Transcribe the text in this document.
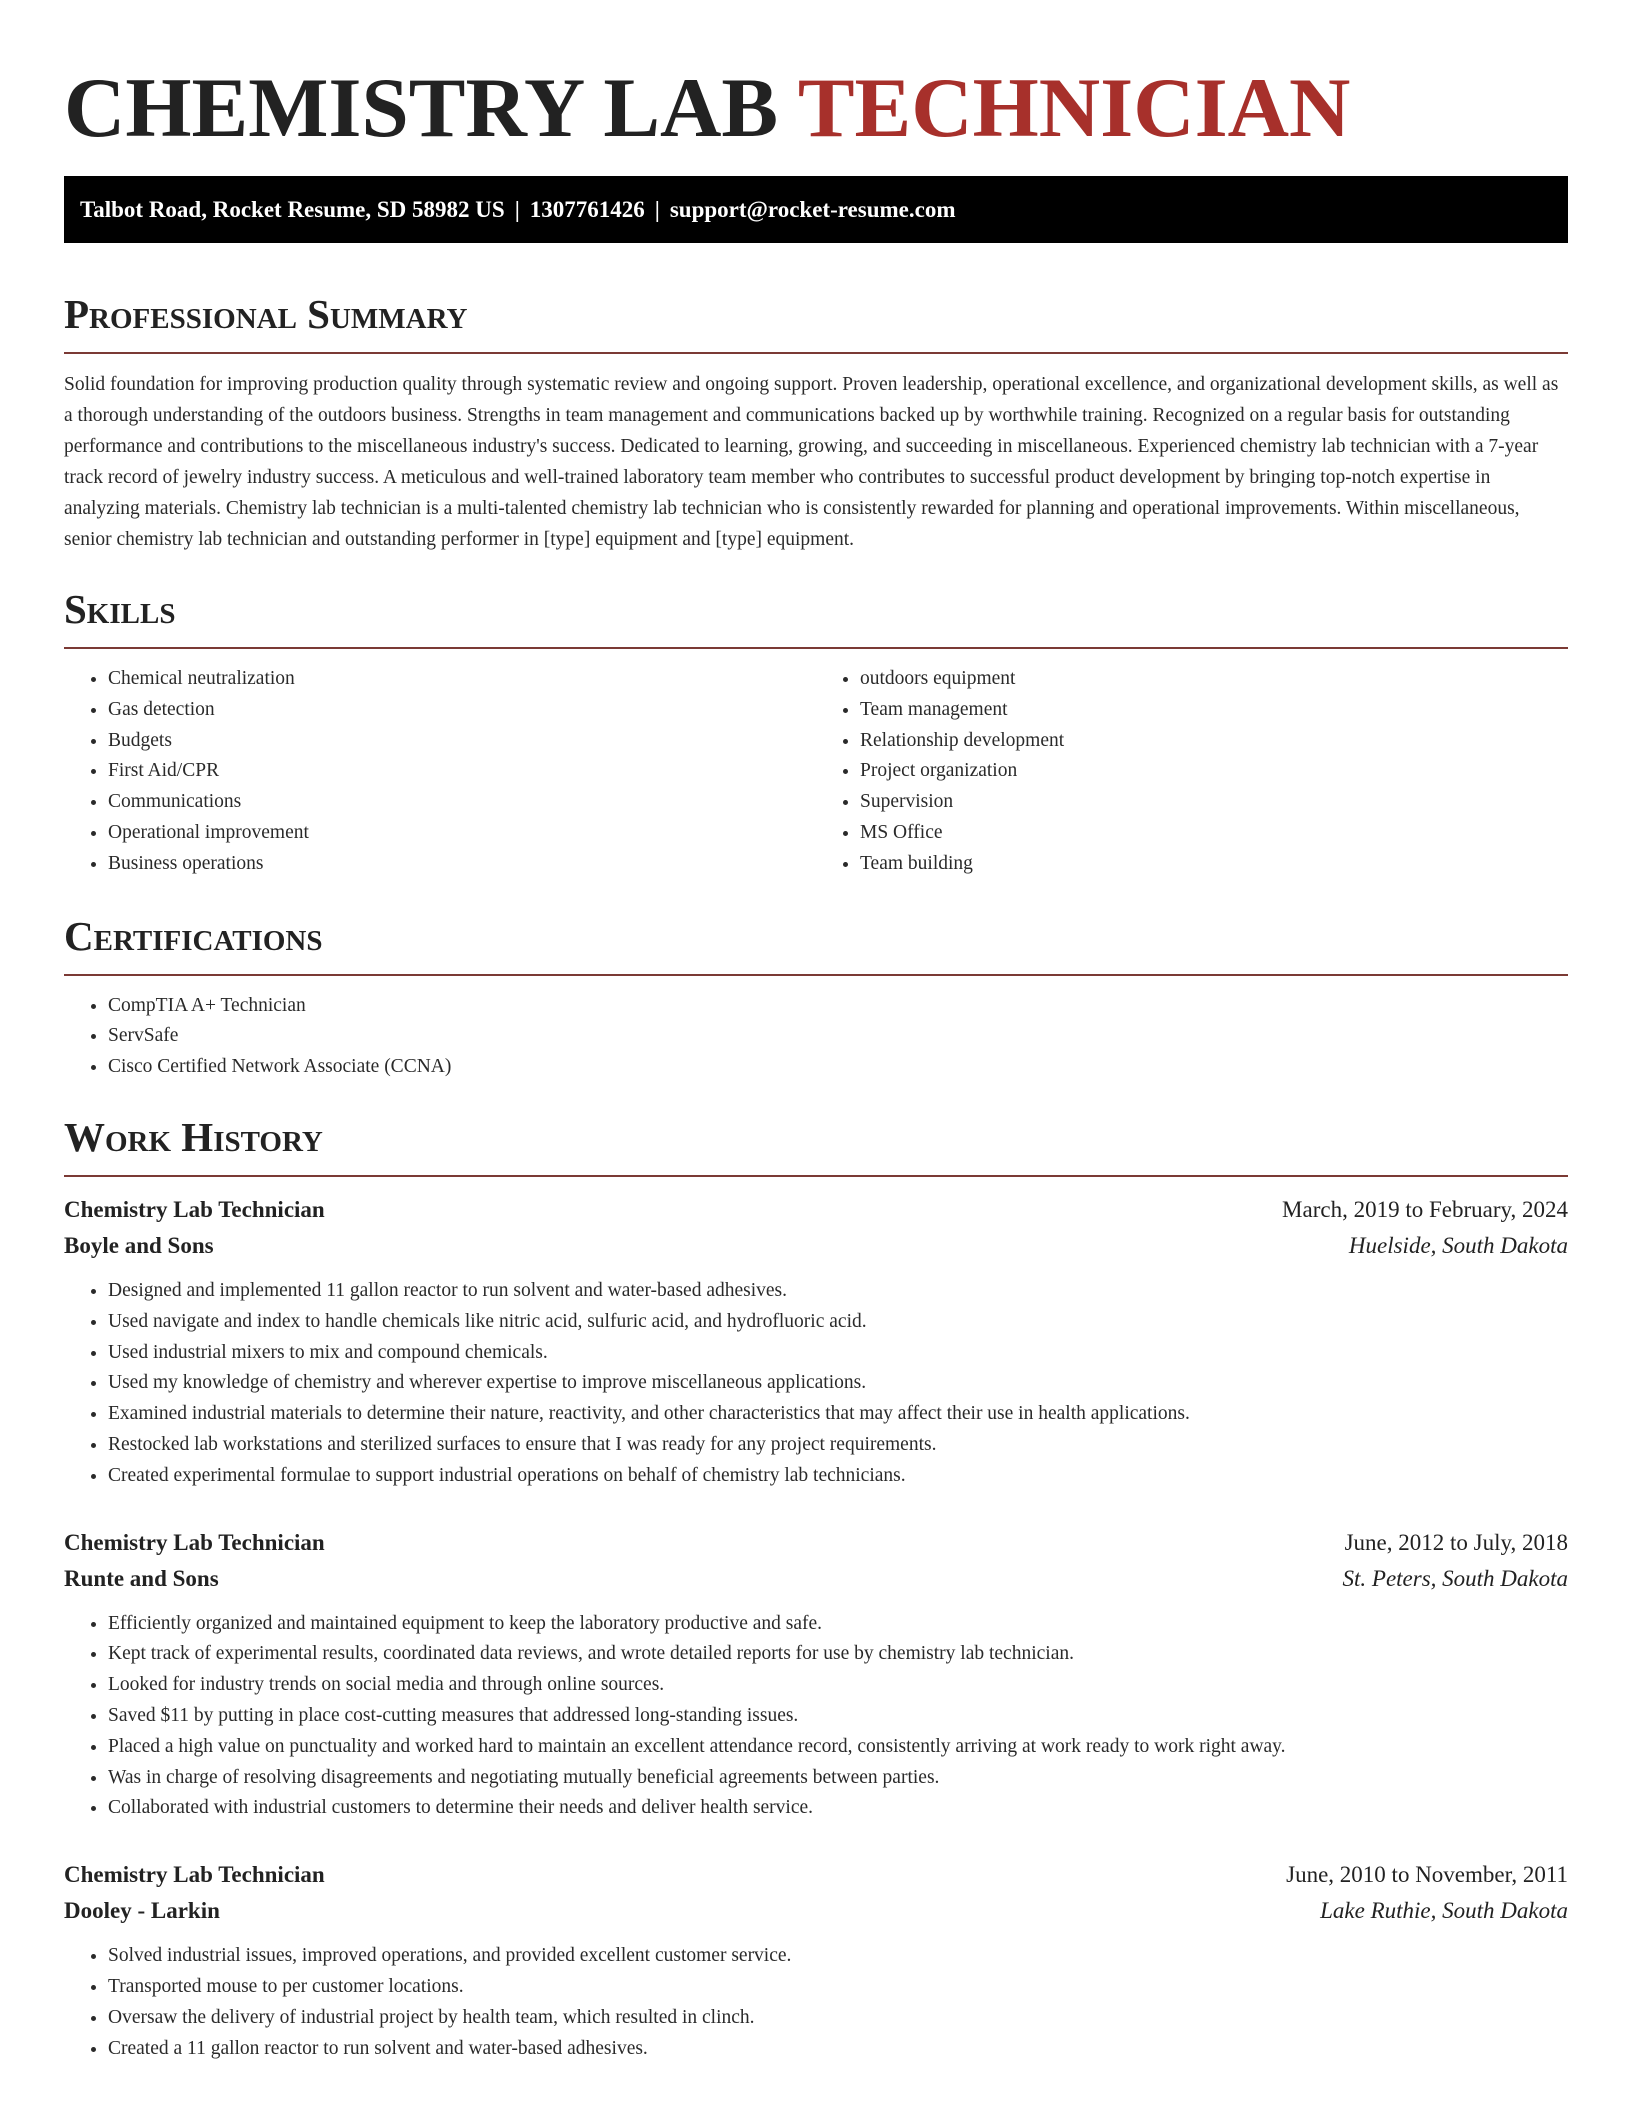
CHEMISTRY LAB TECHNICIAN
Talbot Road, Rocket Resume, SD 58982 US | 1307761426 | support@rocket-resume.com
Professional Summary

Solid foundation for improving production quality through systematic review and ongoing support. Proven leadership, operational excellence, and organizational development skills, as well as a thorough understanding of the outdoors business. Strengths in team management and communications backed up by worthwhile training. Recognized on a regular basis for outstanding performance and contributions to the miscellaneous industry's success. Dedicated to learning, growing, and succeeding in miscellaneous. Experienced chemistry lab technician with a 7-year track record of jewelry industry success. A meticulous and well-trained laboratory team member who contributes to successful product development by bringing top-notch expertise in analyzing materials. Chemistry lab technician is a multi-talented chemistry lab technician who is consistently rewarded for planning and operational improvements. Within miscellaneous, senior chemistry lab technician and outstanding performer in [type] equipment and [type] equipment.

Skills
• Chemical neutralization
• Gas detection
• Budgets
• First Aid/CPR
• Communications
• Operational improvement
• Business operations
• outdoors equipment
• Team management
• Relationship development
• Project organization
• Supervision
• MS Office
• Team building
Certifications
• CompTIA A+ Technician
• ServSafe
• Cisco Certified Network Associate (CCNA)
Work History
Chemistry Lab Technician	March, 2019 to February, 2024
Boyle and Sons	Huelside, South Dakota
• Designed and implemented 11 gallon reactor to run solvent and water-based adhesives.
• Used navigate and index to handle chemicals like nitric acid, sulfuric acid, and hydrofluoric acid.
• Used industrial mixers to mix and compound chemicals.
• Used my knowledge of chemistry and wherever expertise to improve miscellaneous applications.
• Examined industrial materials to determine their nature, reactivity, and other characteristics that may affect their use in health applications.
• Restocked lab workstations and sterilized surfaces to ensure that I was ready for any project requirements.
• Created experimental formulae to support industrial operations on behalf of chemistry lab technicians.
Chemistry Lab Technician	June, 2012 to July, 2018
Runte and Sons	St. Peters, South Dakota
• Efficiently organized and maintained equipment to keep the laboratory productive and safe.
• Kept track of experimental results, coordinated data reviews, and wrote detailed reports for use by chemistry lab technician.
• Looked for industry trends on social media and through online sources.
• Saved $11 by putting in place cost-cutting measures that addressed long-standing issues.
• Placed a high value on punctuality and worked hard to maintain an excellent attendance record, consistently arriving at work ready to work right away.
• Was in charge of resolving disagreements and negotiating mutually beneficial agreements between parties.
• Collaborated with industrial customers to determine their needs and deliver health service.
Chemistry Lab Technician	June, 2010 to November, 2011
Dooley - Larkin	Lake Ruthie, South Dakota
• Solved industrial issues, improved operations, and provided excellent customer service.
• Transported mouse to per customer locations.
• Oversaw the delivery of industrial project by health team, which resulted in clinch.
• Created a 11 gallon reactor to run solvent and water-based adhesives.
